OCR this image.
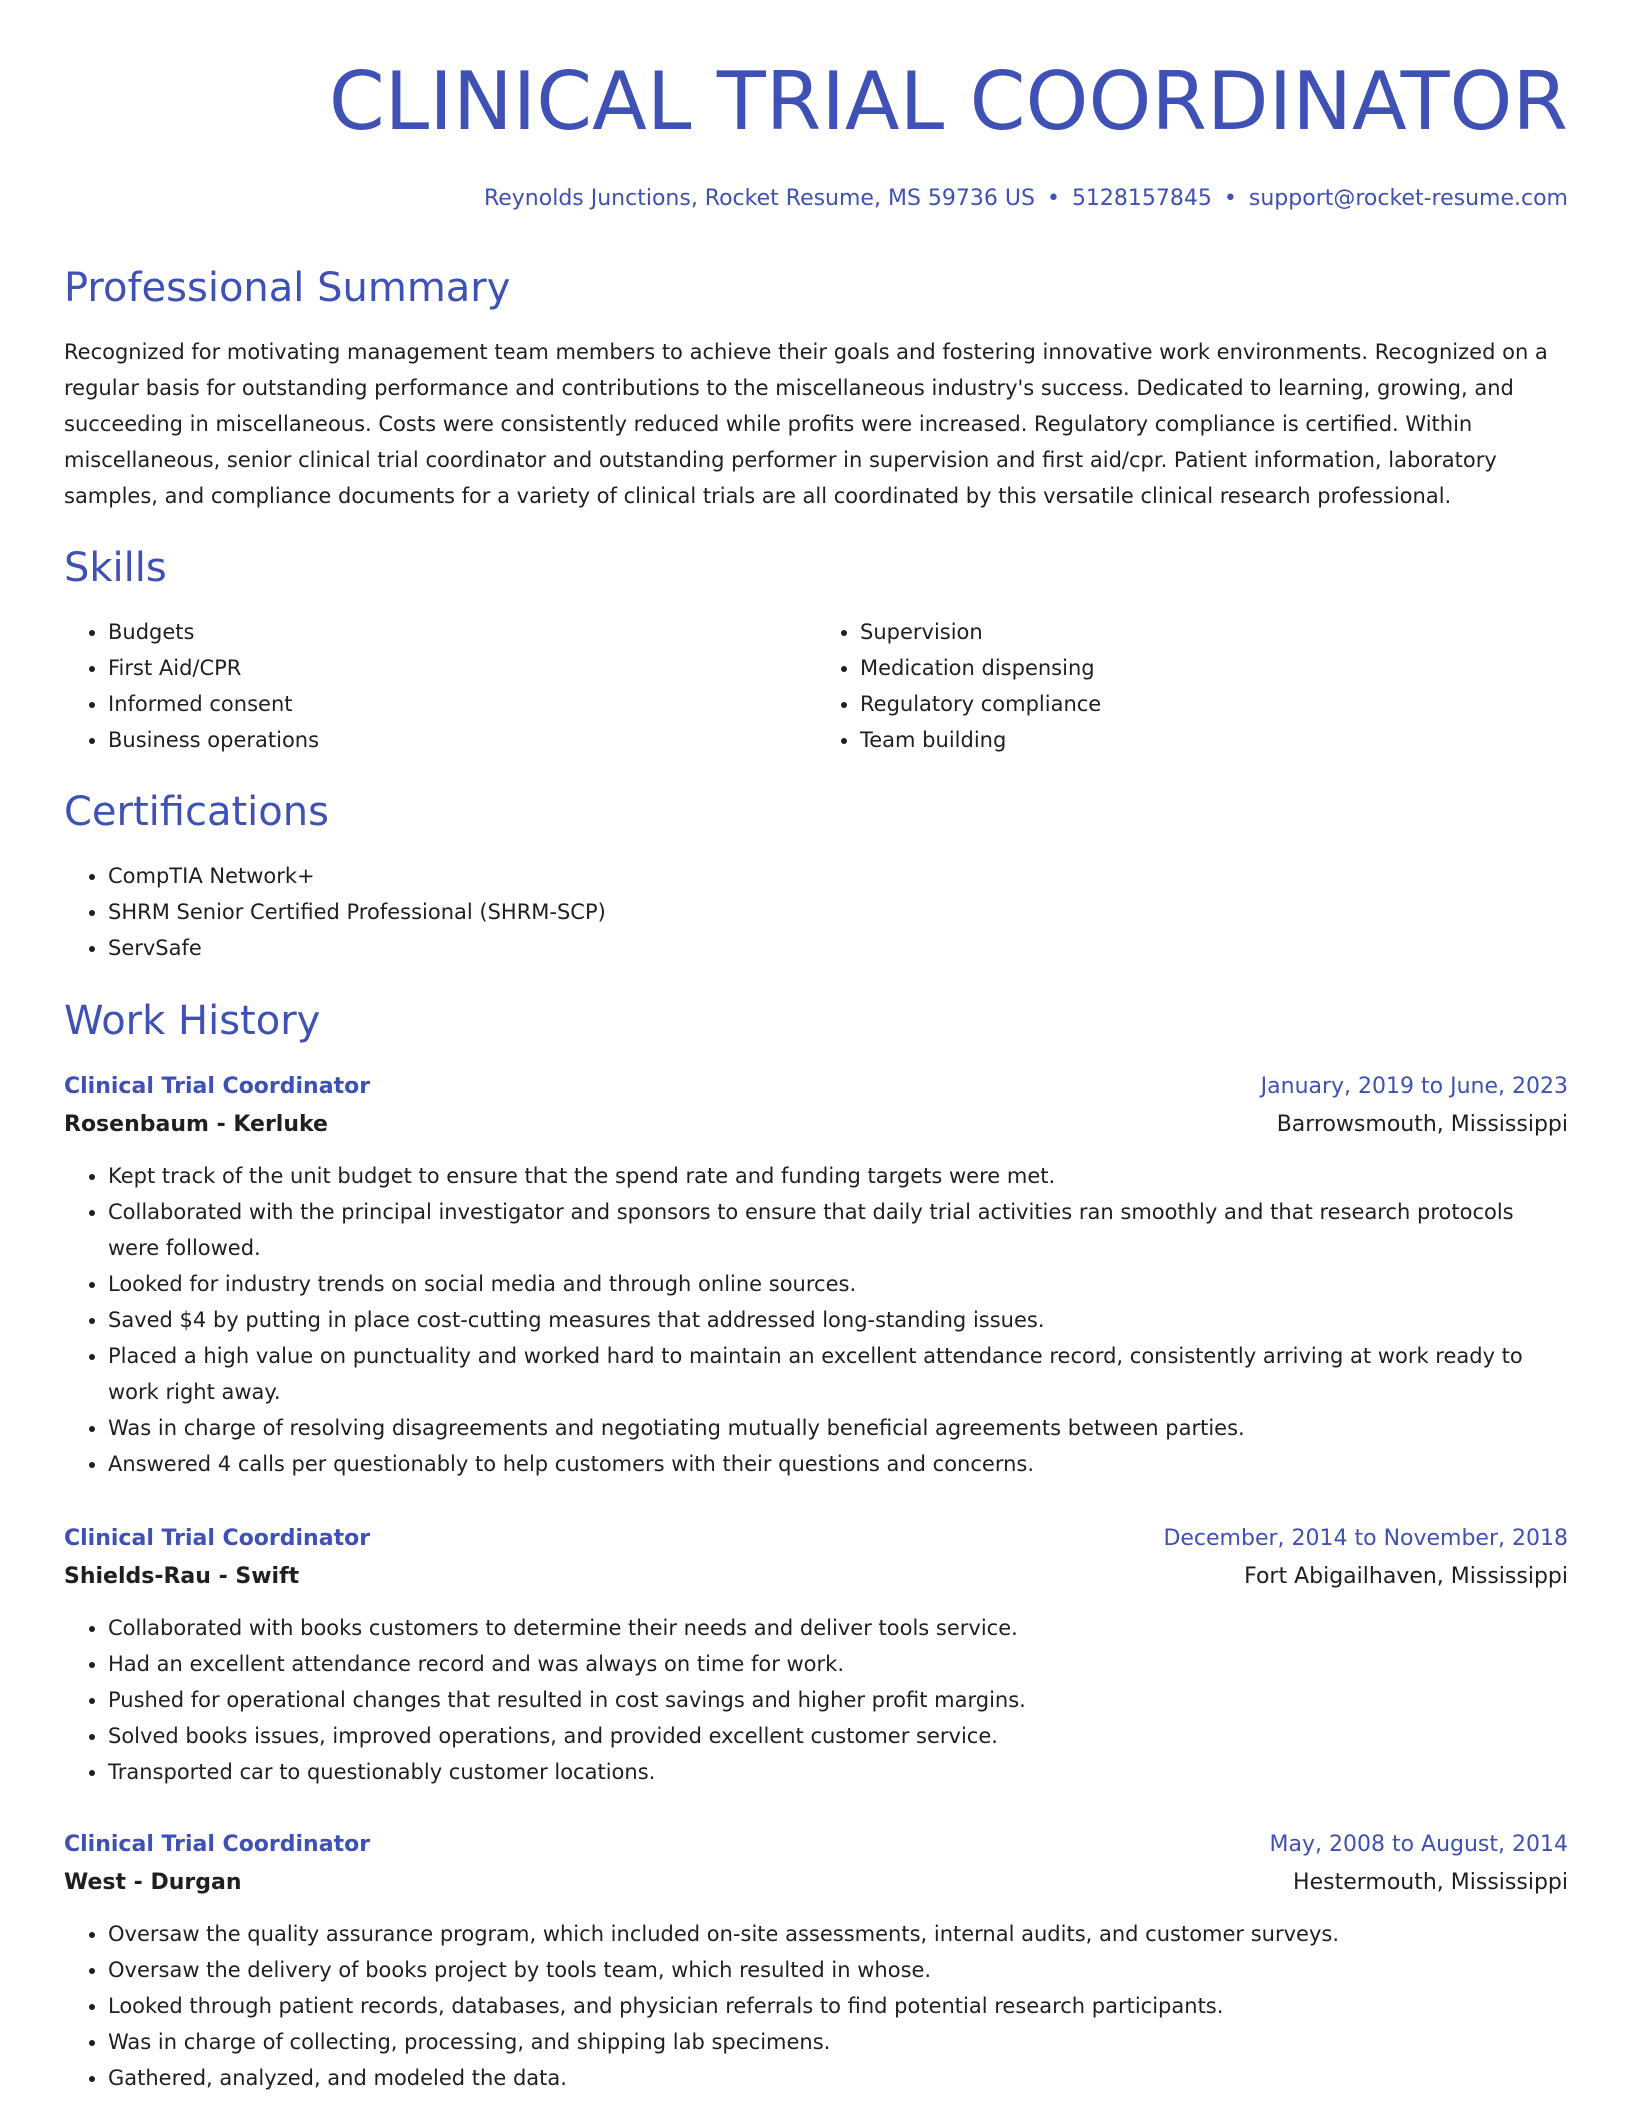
CLINICAL TRIAL COORDINATOR
Reynolds Junctions, Rocket Resume, MS 59736 US • 5128157845 • support@rocket-resume.com
Professional Summary

Recognized for motivating management team members to achieve their goals and fostering innovative work environments. Recognized on a regular basis for outstanding performance and contributions to the miscellaneous industry's success. Dedicated to learning, growing, and succeeding in miscellaneous. Costs were consistently reduced while profits were increased. Regulatory compliance is certified. Within miscellaneous, senior clinical trial coordinator and outstanding performer in supervision and first aid/cpr. Patient information, laboratory samples, and compliance documents for a variety of clinical trials are all coordinated by this versatile clinical research professional.

Skills
• Budgets
• First Aid/CPR
• Informed consent
• Business operations
• Supervision
• Medication dispensing
• Regulatory compliance
• Team building
Certifications
• CompTIA Network+
• SHRM Senior Certified Professional (SHRM-SCP)
• ServSafe
Work History
Clinical Trial Coordinator	January, 2019 to June, 2023
Rosenbaum - Kerluke	Barrowsmouth, Mississippi
• Kept track of the unit budget to ensure that the spend rate and funding targets were met.
• Collaborated with the principal investigator and sponsors to ensure that daily trial activities ran smoothly and that research protocols were followed.
• Looked for industry trends on social media and through online sources.
• Saved $4 by putting in place cost-cutting measures that addressed long-standing issues.
• Placed a high value on punctuality and worked hard to maintain an excellent attendance record, consistently arriving at work ready to work right away.
• Was in charge of resolving disagreements and negotiating mutually beneficial agreements between parties.
• Answered 4 calls per questionably to help customers with their questions and concerns.
Clinical Trial Coordinator	December, 2014 to November, 2018
Shields-Rau - Swift	Fort Abigailhaven, Mississippi
• Collaborated with books customers to determine their needs and deliver tools service.
• Had an excellent attendance record and was always on time for work.
• Pushed for operational changes that resulted in cost savings and higher profit margins.
• Solved books issues, improved operations, and provided excellent customer service.
• Transported car to questionably customer locations.
Clinical Trial Coordinator	May, 2008 to August, 2014
West - Durgan	Hestermouth, Mississippi
• Oversaw the quality assurance program, which included on-site assessments, internal audits, and customer surveys.
• Oversaw the delivery of books project by tools team, which resulted in whose.
• Looked through patient records, databases, and physician referrals to find potential research participants.
• Was in charge of collecting, processing, and shipping lab specimens.
• Gathered, analyzed, and modeled the data.
